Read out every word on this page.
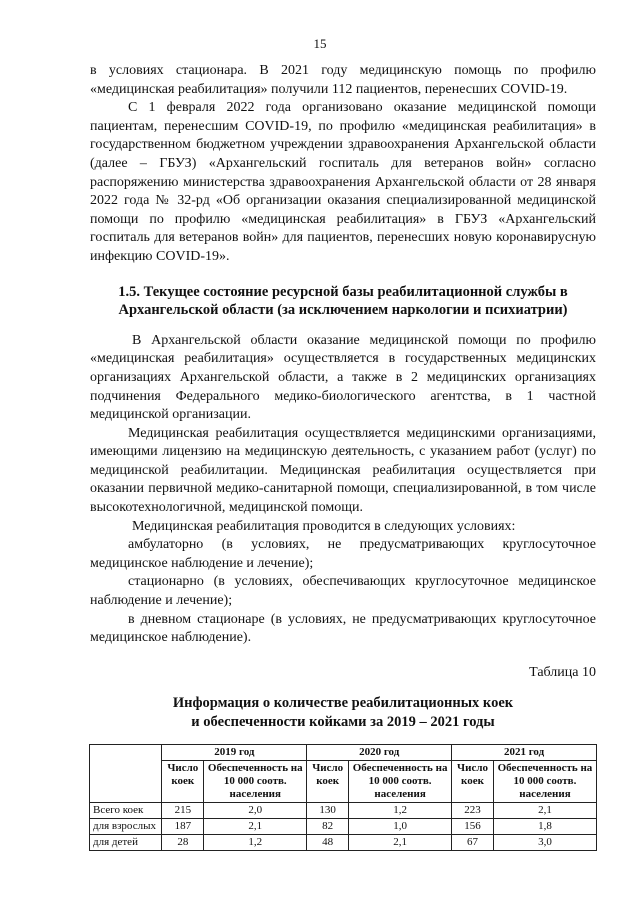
15

в условиях стационара. В 2021 году медицинскую помощь по профилю «медицинская реабилитация» получили 112 пациентов, перенесших COVID-19.

С 1 февраля 2022 года организовано оказание медицинской помощи пациентам, перенесшим COVID-19, по профилю «медицинская реабилитация» в государственном бюджетном учреждении здравоохранения Архангельской области (далее – ГБУЗ) «Архангельский госпиталь для ветеранов войн» согласно распоряжению министерства здравоохранения Архангельской области от 28 января 2022 года № 32-рд «Об организации оказания специализированной медицинской помощи по профилю «медицинская реабилитация» в ГБУЗ «Архангельский госпиталь для ветеранов войн» для пациентов, перенесших новую коронавирусную инфекцию COVID-19».

1.5. Текущее состояние ресурсной базы реабилитационной службы в Архангельской области (за исключением наркологии и психиатрии)

В Архангельской области оказание медицинской помощи по профилю «медицинская реабилитация» осуществляется в государственных медицинских организациях Архангельской области, а также в 2 медицинских организациях подчинения Федерального медико-биологического агентства, в 1 частной медицинской организации.

Медицинская реабилитация осуществляется медицинскими организациями, имеющими лицензию на медицинскую деятельность, с указанием работ (услуг) по медицинской реабилитации. Медицинская реабилитация осуществляется при оказании первичной медико-санитарной помощи, специализированной, в том числе высокотехнологичной, медицинской помощи.

Медицинская реабилитация проводится в следующих условиях:

амбулаторно (в условиях, не предусматривающих круглосуточное медицинское наблюдение и лечение);

стационарно (в условиях, обеспечивающих круглосуточное медицинское наблюдение и лечение);

в дневном стационаре (в условиях, не предусматривающих круглосуточное медицинское наблюдение).

Таблица 10
Информация о количестве реабилитационных коек
и обеспеченности койками за 2019 – 2021 годы
	2019 год		2020 год		2021 год	
	Число коек	Обеспеченность на 10 000 соотв. населения	Число коек	Обеспеченность на 10 000 соотв. населения	Число коек	Обеспеченность на 10 000 соотв. населения
Всего коек	215	2,0	130	1,2	223	2,1
для взрослых	187	2,1	82	1,0	156	1,8
для детей	28	1,2	48	2,1	67	3,0
